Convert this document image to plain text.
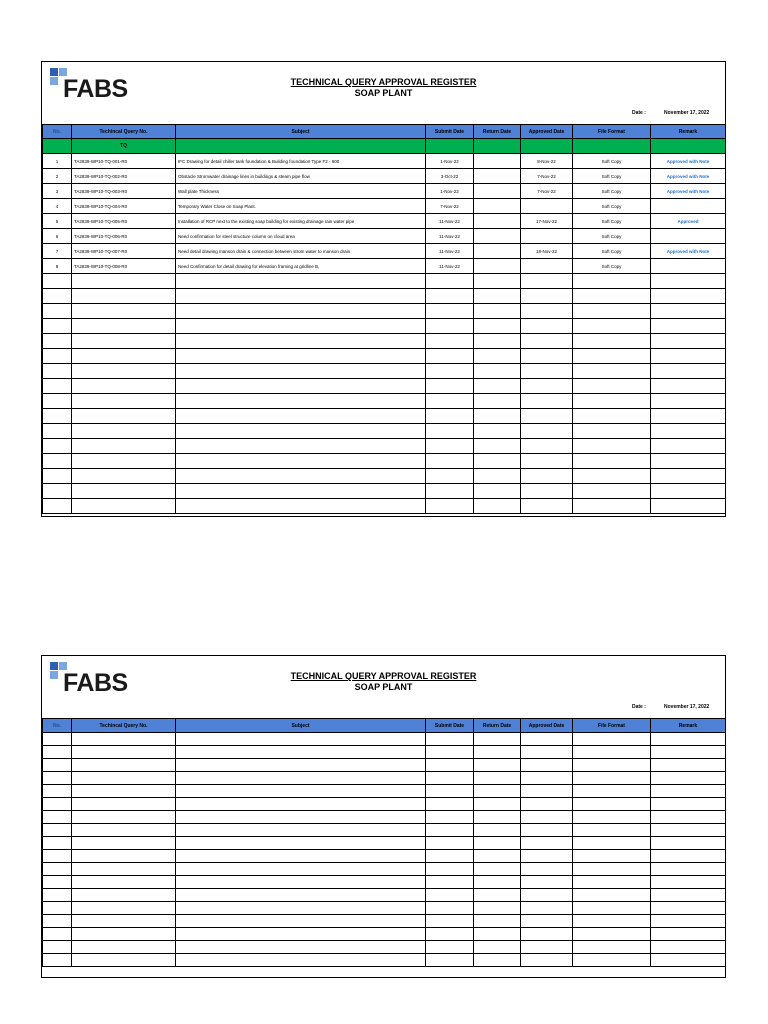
FABS	TECHNICAL QUERY APPROVAL REGISTER
SOAP PLANT
Date :	November 17, 2022
No.	Techincal Query No.	Subject	Submit Date	Return Date	Approved Date	File Format	Remark
	TQ						
1	TA2839-WP10-TQ-001-R0	IFC Drawing for detail chiller tank foundation & Building foundation Type F2 - 600	1-Nov-22		8-Nov-22	Soft Copy	Approved with Note
2	TA2839-WP10-TQ-002-R0	Obstacle Stromwater drainage lines in buildings & steam pipe flow	3-Oct-22		7-Nov-22	Soft Copy	Approved with Note
3	TA2839-WP10-TQ-003-R0	Wall plate Thickness	1-Nov-22		7-Nov-22	Soft Copy	Approved with Note
4	TA2839-WP10-TQ-004-R0	Temporary Water Close on Soap Plant.	7-Nov-22			Soft Copy	
5	TA2839-WP10-TQ-005-R0	Installation of RCP next to the existing soap building for existing drainage rain water pipe	11-Nov-22		17-Nov-22	Soft Copy	Approved
6	TA2839-WP10-TQ-006-R0	Need confirmation for steel structure column on cloud area	11-Nov-22			Soft Copy	
7	TA2839-WP10-TQ-007-R0	Need detail drawing manson drain & connection between strom water to manson drain	11-Nov-22		18-Nov-22	Soft Copy	Approved with Note
8	TA2839-WP10-TQ-008-R0	Need Confirmation for detail drawing for elevation framing at gridline B,	11-Nov-22			Soft Copy	

FABS	TECHNICAL QUERY APPROVAL REGISTER
SOAP PLANT
Date :	November 17, 2022
No.	Techincal Query No.	Subject	Submit Date	Return Date	Approved Date	File Format	Remark
